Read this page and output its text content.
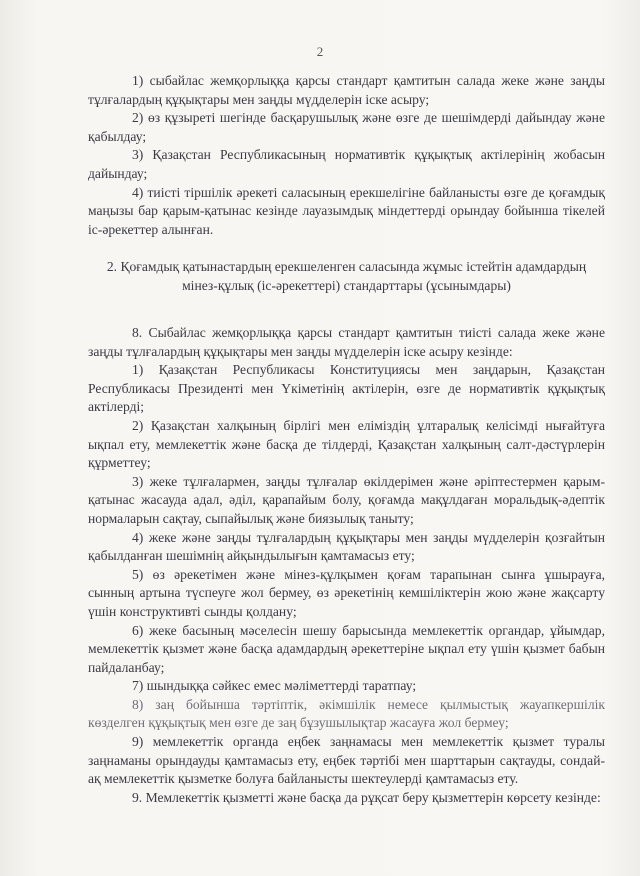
2

1) сыбайлас жемқорлыққа қарсы стандарт қамтитын салада жеке және заңды тұлғалардың құқықтары мен заңды мүдделерін іске асыру;

2) өз құзыреті шегінде басқарушылық және өзге де шешімдерді дайындау және қабылдау;

3) Қазақстан Республикасының нормативтік құқықтық актілерінің жобасын дайындау;

4) тиісті тіршілік әрекеті саласының ерекшелігіне байланысты өзге де қоғамдық маңызы бар қарым-қатынас кезінде лауазымдық міндеттерді орындау бойынша тікелей іс-әрекеттер алынған.

2. Қоғамдық қатынастардың ерекшеленген саласында жұмыс істейтін адамдардың мінез-құлық (іс-әрекеттері) стандарттары (ұсынымдары)

8. Сыбайлас жемқорлыққа қарсы стандарт қамтитын тиісті салада жеке және заңды тұлғалардың құқықтары мен заңды мүдделерін іске асыру кезінде:

1) Қазақстан Республикасы Конституциясы мен заңдарын, Қазақстан Республикасы Президенті мен Үкіметінің актілерін, өзге де нормативтік құқықтық актілерді;

2) Қазақстан халқының бірлігі мен еліміздің ұлтаралық келісімді нығайтуға ықпал ету, мемлекеттік және басқа де тілдерді, Қазақстан халқының салт-дәстүрлерін құрметтеу;

3) жеке тұлғалармен, заңды тұлғалар өкілдерімен және әріптестермен қарым-қатынас жасауда адал, әділ, қарапайым болу, қоғамда мақұлдаған моральдық-әдептік нормаларын сақтау, сыпайылық және биязылық таныту;

4) жеке және заңды тұлғалардың құқықтары мен заңды мүдделерін қозғайтын қабылданған шешімнің айқындылығын қамтамасыз ету;

5) өз әрекетімен және мінез-құлқымен қоғам тарапынан сынға ұшырауға, сынның артына түспеуге жол бермеу, өз әрекетінің кемшіліктерін жою және жақсарту үшін конструктивті сынды қолдану;

6) жеке басының мәселесін шешу барысында мемлекеттік органдар, ұйымдар, мемлекеттік қызмет және басқа адамдардың әрекеттеріне ықпал ету үшін қызмет бабын пайдаланбау;

7) шындыққа сәйкес емес мәліметтерді таратпау;

8) заң бойынша тәртіптік, әкімшілік немесе қылмыстық жауапкершілік көзделген құқықтық мен өзге де заң бұзушылықтар жасауға жол бермеу;

9) мемлекеттік органда еңбек заңнамасы мен мемлекеттік қызмет туралы заңнаманы орындауды қамтамасыз ету, еңбек тәртібі мен шарттарын сақтауды, сондай-ақ мемлекеттік қызметке болуға байланысты шектеулерді қамтамасыз ету.

9. Мемлекеттік қызметті және басқа да рұқсат беру қызметтерін көрсету кезінде:
